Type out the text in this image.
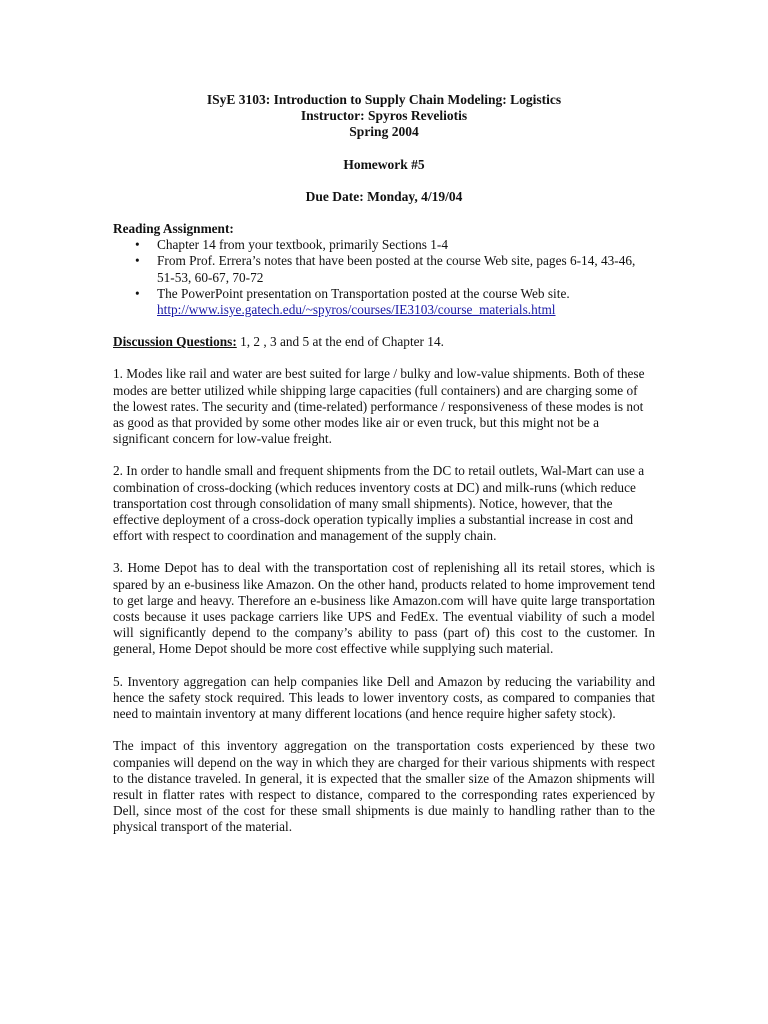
ISyE 3103: Introduction to Supply Chain Modeling: Logistics
Instructor: Spyros Reveliotis
Spring 2004
Homework #5
Due Date: Monday, 4/19/04
Reading Assignment:
• Chapter 14 from your textbook, primarily Sections 1-4
• From Prof. Errera’s notes that have been posted at the course Web site, pages 6-14, 43-46, 51-53, 60-67, 70-72
• The PowerPoint presentation on Transportation posted at the course Web site.
http://www.isye.gatech.edu/~spyros/courses/IE3103/course_materials.html
Discussion Questions: 1, 2 , 3 and 5 at the end of Chapter 14.

1. Modes like rail and water are best suited for large / bulky and low-value shipments. Both of these modes are better utilized while shipping large capacities (full containers) and are charging some of the lowest rates. The security and (time-related) performance / responsiveness of these modes is not as good as that provided by some other modes like air or even truck, but this might not be a significant concern for low-value freight.

2. In order to handle small and frequent shipments from the DC to retail outlets, Wal-Mart can use a combination of cross-docking (which reduces inventory costs at DC) and milk-runs (which reduce transportation cost through consolidation of many small shipments). Notice, however, that the effective deployment of a cross-dock operation typically implies a substantial increase in cost and effort with respect to coordination and management of the supply chain.

3. Home Depot has to deal with the transportation cost of replenishing all its retail stores, which is spared by an e-business like Amazon. On the other hand, products related to home improvement tend to get large and heavy. Therefore an e-business like Amazon.com will have quite large transportation costs because it uses package carriers like UPS and FedEx. The eventual viability of such a model will significantly depend to the company’s ability to pass (part of) this cost to the customer. In general, Home Depot should be more cost effective while supplying such material.

5. Inventory aggregation can help companies like Dell and Amazon by reducing the variability and hence the safety stock required. This leads to lower inventory costs, as compared to companies that need to maintain inventory at many different locations (and hence require higher safety stock).

The impact of this inventory aggregation on the transportation costs experienced by these two companies will depend on the way in which they are charged for their various shipments with respect to the distance traveled. In general, it is expected that the smaller size of the Amazon shipments will result in flatter rates with respect to distance, compared to the corresponding rates experienced by Dell, since most of the cost for these small shipments is due mainly to handling rather than to the physical transport of the material.
